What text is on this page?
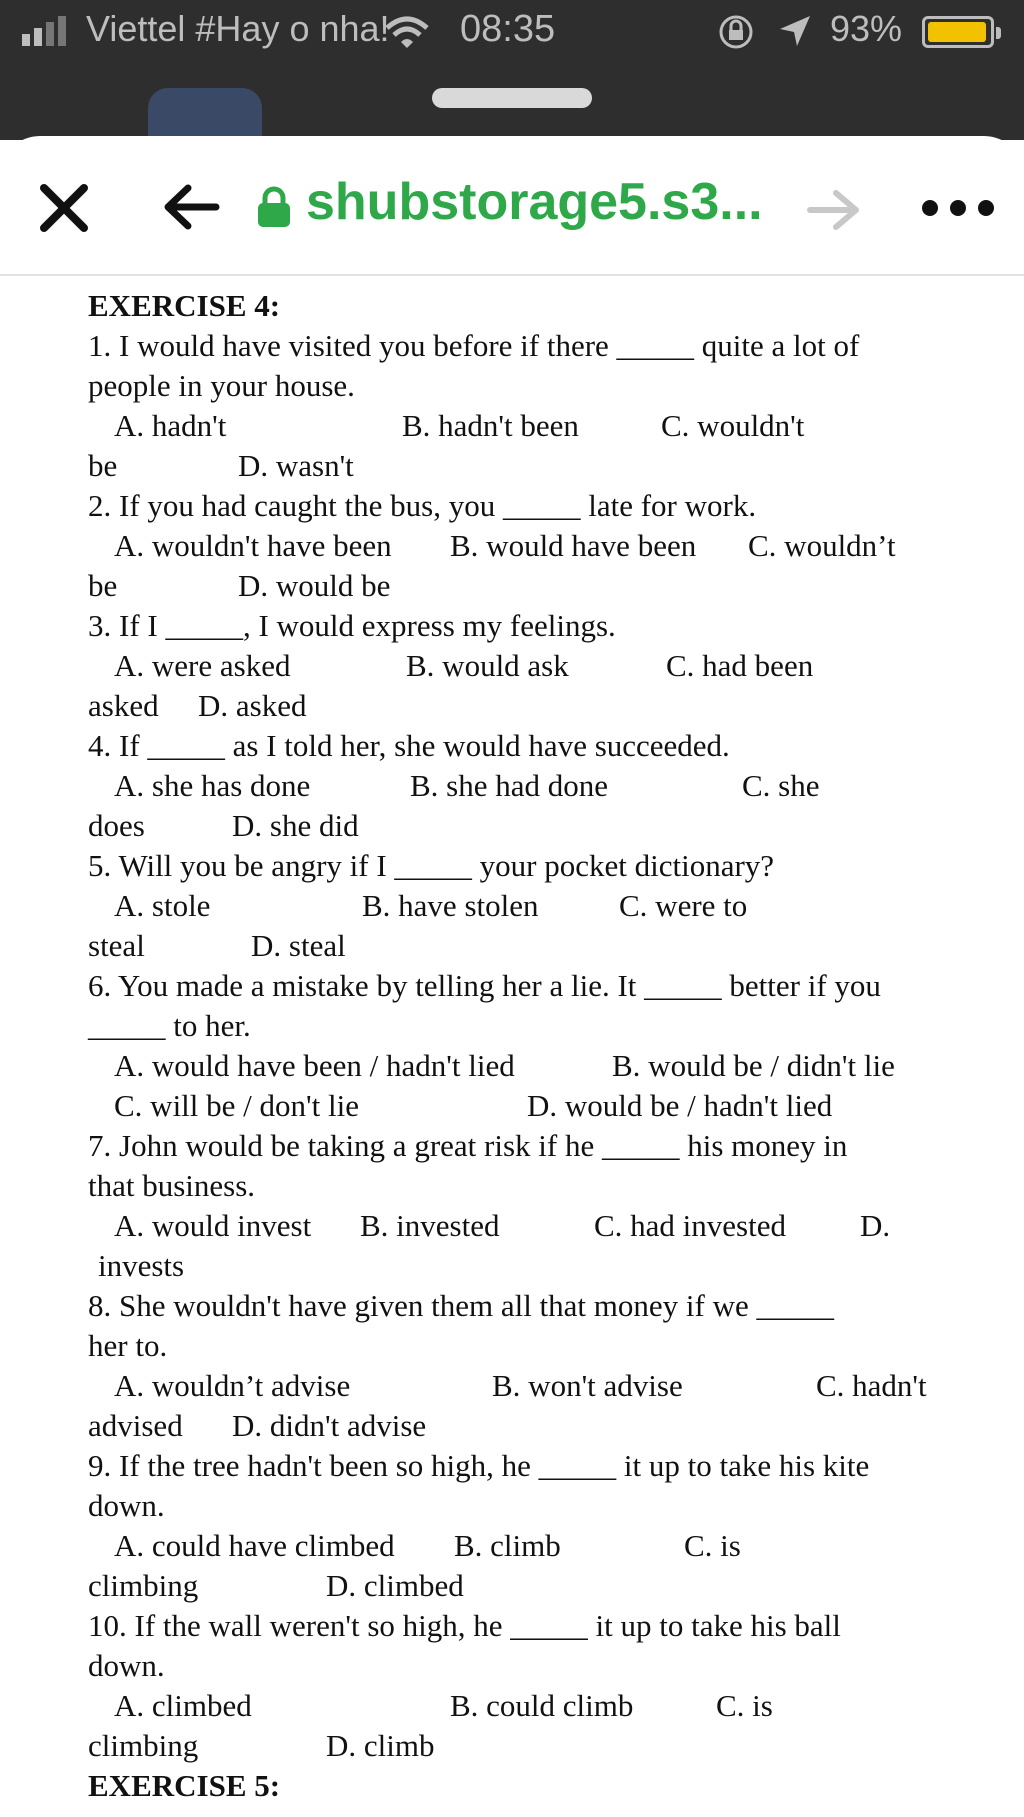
Viettel #Hay o nha! 08:35	93%
shubstorage5.s3...
EXERCISE 4:
1. I would have visited you before if there _____ quite a lot of
people in your house.
A. hadn't	B. hadn't been	C. wouldn't
be	D. wasn't
2. If you had caught the bus, you _____ late for work.
A. wouldn't have been B. would have been C. wouldn’t
be	D. would be
3. If I _____, I would express my feelings.
A. were asked	B. would ask	C. had been
asked D. asked
4. If _____ as I told her, she would have succeeded.
A. she has done	B. she had done	C. she
does	D. she did
5. Will you be angry if I _____ your pocket dictionary?
A. stole	B. have stolen	C. were to
steal	D. steal
6. You made a mistake by telling her a lie. It _____ better if you
_____ to her.
A. would have been / hadn't lied	B. would be / didn't lie
C. will be / don't lie	D. would be / hadn't lied
7. John would be taking a great risk if he _____ his money in
that business.
A. would invest B. invested	C. had invested D.
invests
8. She wouldn't have given them all that money if we _____
her to.
A. wouldn’t advise	B. won't advise	C. hadn't
advised D. didn't advise
9. If the tree hadn't been so high, he _____ it up to take his kite
down.
A. could have climbed B. climb	C. is
climbing	D. climbed
10. If the wall weren't so high, he _____ it up to take his ball
down.
A. climbed	B. could climb	C. is
climbing	D. climb
EXERCISE 5:
